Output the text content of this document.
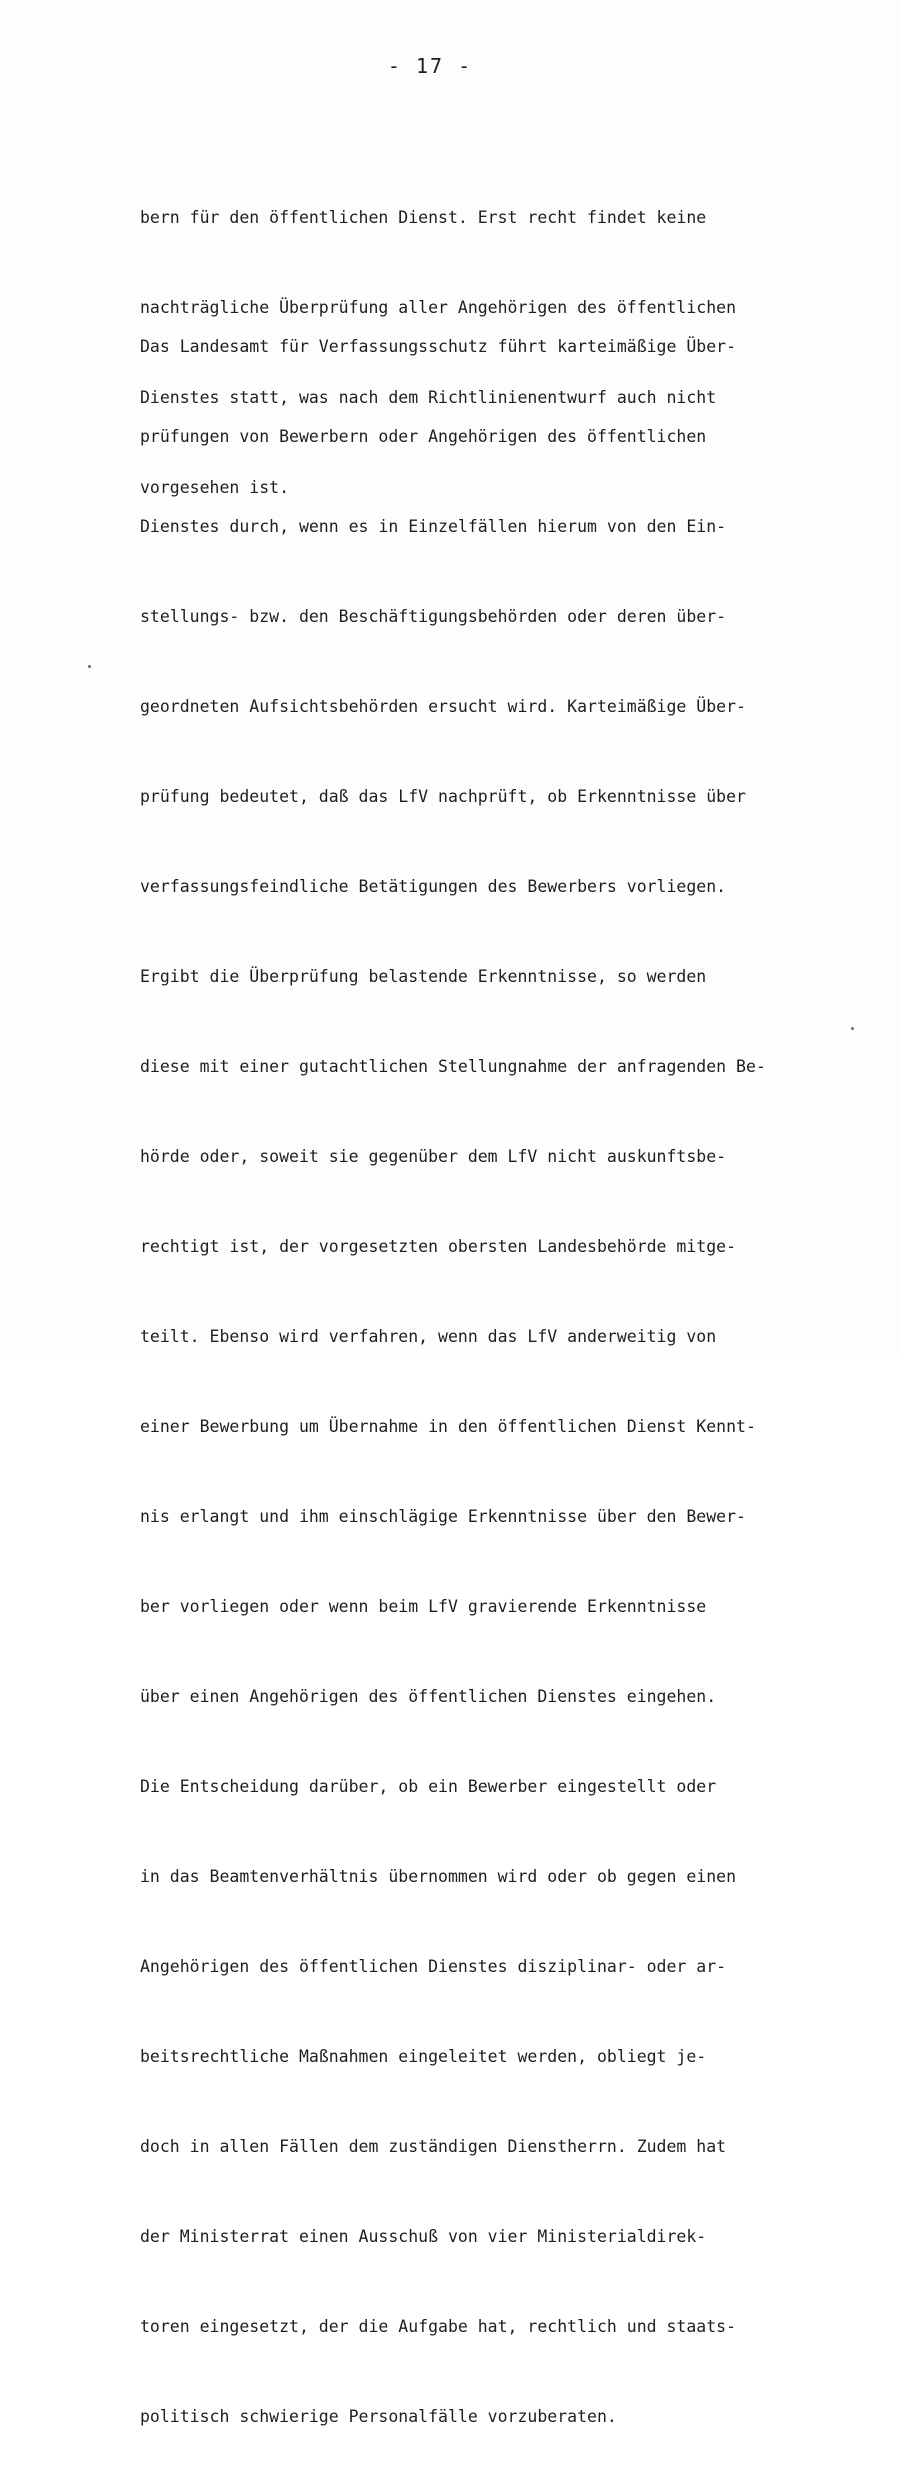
- 17 -

bern für den öffentlichen Dienst. Erst recht findet keine

nachträgliche Überprüfung aller Angehörigen des öffentlichen

Dienstes statt, was nach dem Richtlinienentwurf auch nicht

vorgesehen ist.

Das Landesamt für Verfassungsschutz führt karteimäßige Über-

prüfungen von Bewerbern oder Angehörigen des öffentlichen

Dienstes durch, wenn es in Einzelfällen hierum von den Ein-

stellungs- bzw. den Beschäftigungsbehörden oder deren über-

geordneten Aufsichtsbehörden ersucht wird. Karteimäßige Über-

prüfung bedeutet, daß das LfV nachprüft, ob Erkenntnisse über

verfassungsfeindliche Betätigungen des Bewerbers vorliegen.

Ergibt die Überprüfung belastende Erkenntnisse, so werden

diese mit einer gutachtlichen Stellungnahme der anfragenden Be-

hörde oder, soweit sie gegenüber dem LfV nicht auskunftsbe-

rechtigt ist, der vorgesetzten obersten Landesbehörde mitge-

teilt. Ebenso wird verfahren, wenn das LfV anderweitig von

einer Bewerbung um Übernahme in den öffentlichen Dienst Kennt-

nis erlangt und ihm einschlägige Erkenntnisse über den Bewer-

ber vorliegen oder wenn beim LfV gravierende Erkenntnisse

über einen Angehörigen des öffentlichen Dienstes eingehen.

Die Entscheidung darüber, ob ein Bewerber eingestellt oder

in das Beamtenverhältnis übernommen wird oder ob gegen einen

Angehörigen des öffentlichen Dienstes disziplinar- oder ar-

beitsrechtliche Maßnahmen eingeleitet werden, obliegt je-

doch in allen Fällen dem zuständigen Dienstherrn. Zudem hat

der Ministerrat einen Ausschuß von vier Ministerialdirek-

toren eingesetzt, der die Aufgabe hat, rechtlich und staats-

politisch schwierige Personalfälle vorzuberaten.
